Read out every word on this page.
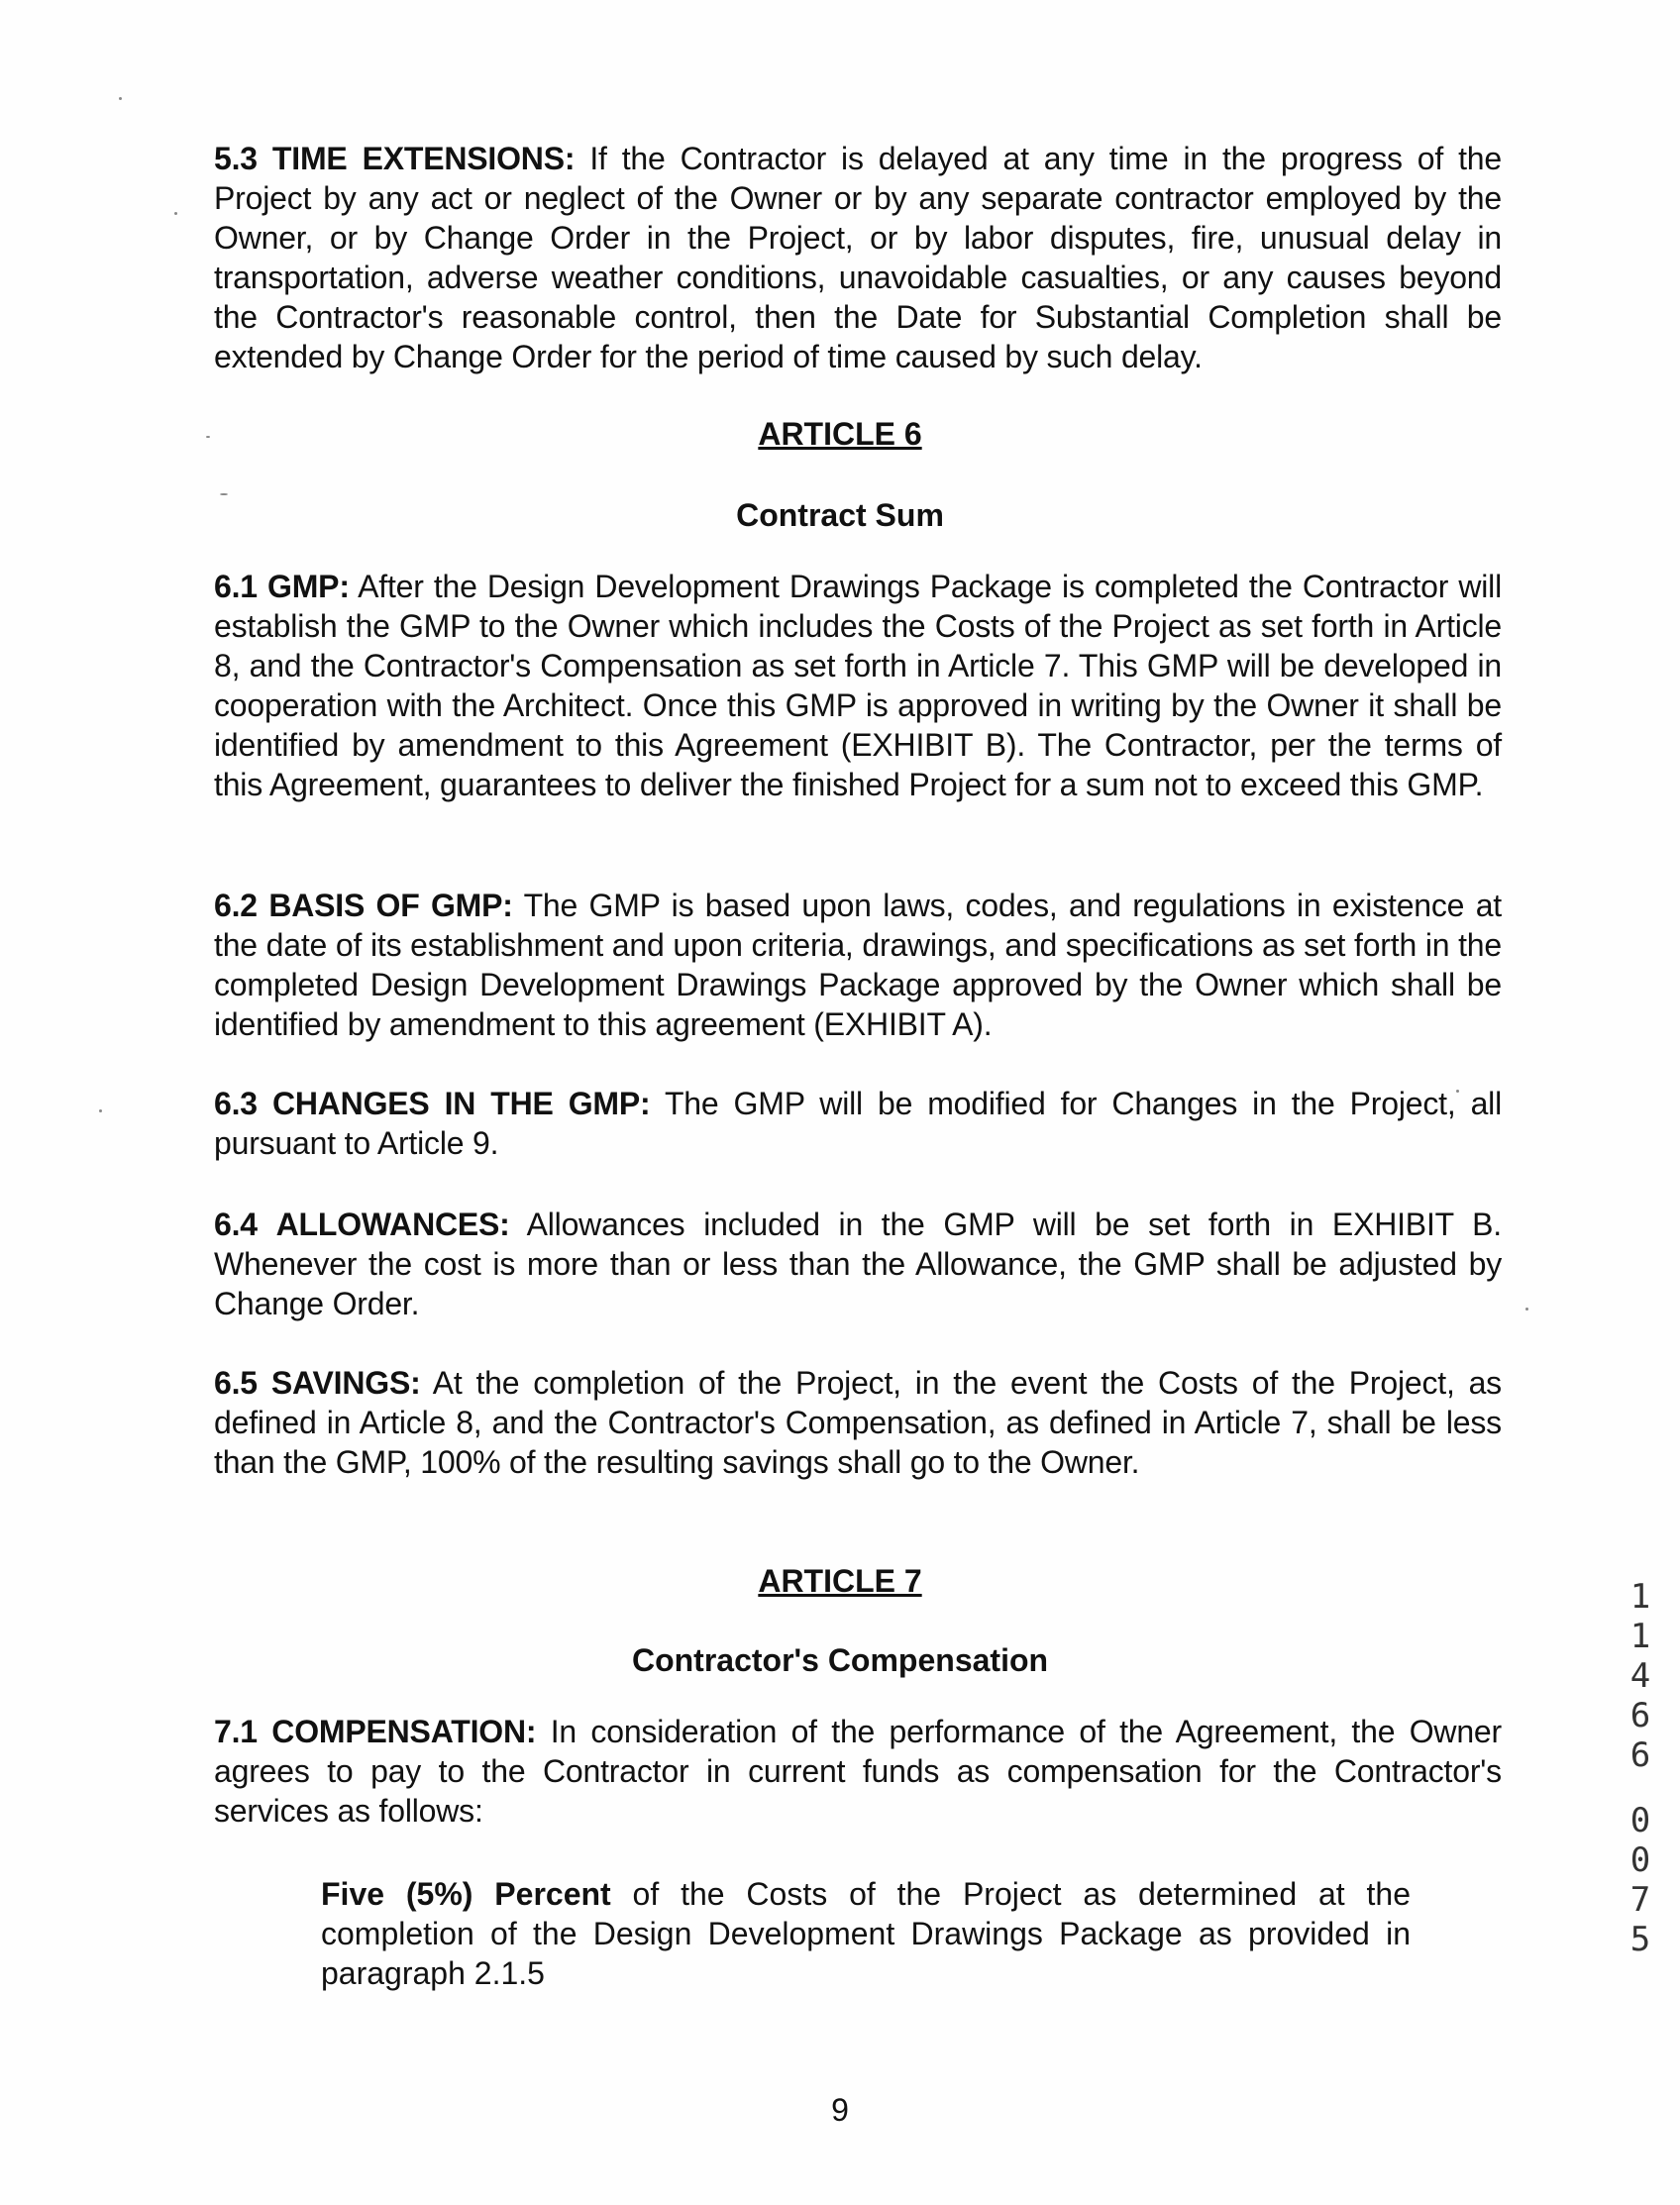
5.3 TIME EXTENSIONS: If the Contractor is delayed at any time in the progress of the Project by any act or neglect of the Owner or by any separate contractor employed by the Owner, or by Change Order in the Project, or by labor disputes, fire, unusual delay in transportation, adverse weather conditions, unavoidable casualties, or any causes beyond the Contractor's reasonable control, then the Date for Substantial Completion shall be extended by Change Order for the period of time caused by such delay.
ARTICLE 6
Contract Sum
6.1 GMP: After the Design Development Drawings Package is completed the Contractor will establish the GMP to the Owner which includes the Costs of the Project as set forth in Article 8, and the Contractor's Compensation as set forth in Article 7. This GMP will be developed in cooperation with the Architect. Once this GMP is approved in writing by the Owner it shall be identified by amendment to this Agreement (EXHIBIT B). The Contractor, per the terms of this Agreement, guarantees to deliver the finished Project for a sum not to exceed this GMP.
6.2 BASIS OF GMP: The GMP is based upon laws, codes, and regulations in existence at the date of its establishment and upon criteria, drawings, and specifications as set forth in the completed Design Development Drawings Package approved by the Owner which shall be identified by amendment to this agreement (EXHIBIT A).
6.3 CHANGES IN THE GMP: The GMP will be modified for Changes in the Project, all pursuant to Article 9.
6.4 ALLOWANCES: Allowances included in the GMP will be set forth in EXHIBIT B. Whenever the cost is more than or less than the Allowance, the GMP shall be adjusted by Change Order.
6.5 SAVINGS: At the completion of the Project, in the event the Costs of the Project, as defined in Article 8, and the Contractor's Compensation, as defined in Article 7, shall be less than the GMP, 100% of the resulting savings shall go to the Owner.
ARTICLE 7
Contractor's Compensation
7.1 COMPENSATION: In consideration of the performance of the Agreement, the Owner agrees to pay to the Contractor in current funds as compensation for the Contractor's services as follows:
Five (5%) Percent of the Costs of the Project as determined at the completion of the Design Development Drawings Package as provided in paragraph 2.1.5
1
1
4
6
6
0
0
7
5
9
